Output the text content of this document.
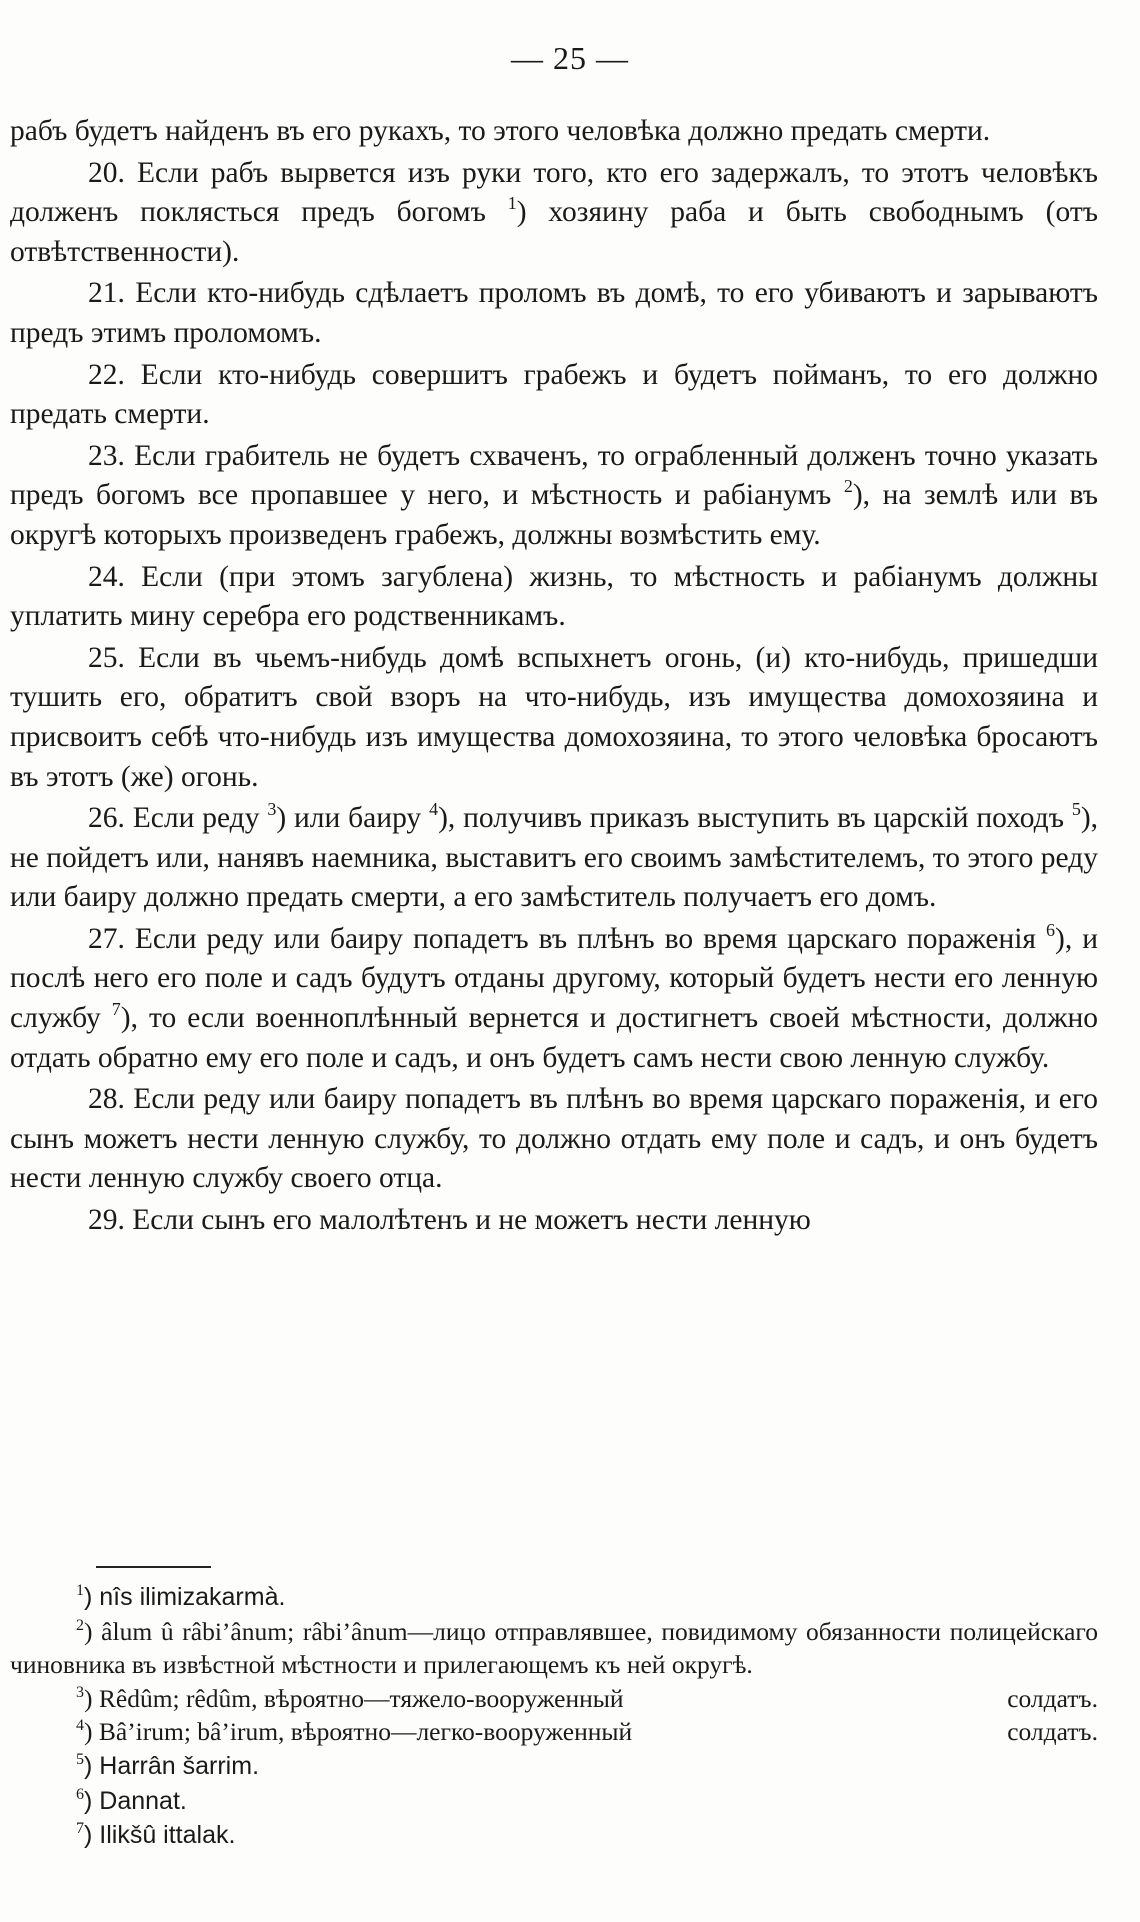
— 25 —

рабъ будетъ найденъ въ его рукахъ, то этого человѣка должно предать смерти.

20. Если рабъ вырвется изъ руки того, кто его задержалъ, то этотъ человѣкъ долженъ поклясться предъ богомъ $^1$) хозяину раба и быть свободнымъ (отъ отвѣтственности).

21. Если кто-нибудь сдѣлаетъ проломъ въ домѣ, то его убиваютъ и зарываютъ предъ этимъ проломомъ.

22. Если кто-нибудь совершитъ грабежъ и будетъ пойманъ, то его должно предать смерти.

23. Если грабитель не будетъ схваченъ, то ограбленный долженъ точно указать предъ богомъ все пропавшее у него, и мѣстность и рабіанумъ $^2$), на землѣ или въ округѣ которыхъ произведенъ грабежъ, должны возмѣстить ему.

24. Если (при этомъ загублена) жизнь, то мѣстность и рабіанумъ должны уплатить мину серебра его родственникамъ.

25. Если въ чьемъ-нибудь домѣ вспыхнетъ огонь, (и) кто-нибудь, пришедши тушить его, обратитъ свой взоръ на что-нибудь, изъ имущества домохозяина и присвоитъ себѣ что-нибудь изъ имущества домохозяина, то этого человѣка бросаютъ въ этотъ (же) огонь.

26. Если реду $^3$) или баиру $^4$), получивъ приказъ выступить въ царскій походъ $^5$), не пойдетъ или, нанявъ наемника, выставитъ его своимъ замѣстителемъ, то этого реду или баиру должно предать смерти, а его замѣститель получаетъ его домъ.

27. Если реду или баиру попадетъ въ плѣнъ во время царскаго пораженія $^6$), и послѣ него его поле и садъ будутъ отданы другому, который будетъ нести его ленную службу $^7$), то если военноплѣнный вернется и достигнетъ своей мѣстности, должно отдать обратно ему его поле и садъ, и онъ будетъ самъ нести свою ленную службу.

28. Если реду или баиру попадетъ въ плѣнъ во время царскаго пораженія, и его сынъ можетъ нести ленную службу, то должно отдать ему поле и садъ, и онъ будетъ нести ленную службу своего отца.

29. Если сынъ его малолѣтенъ и не можетъ нести ленную

$^1$) nîs ilimizakarmà.

$^2$) âlum û râbi’ânum; râbi’ânum—лицо отправлявшее, повидимому обязанности полицейскаго чиновника въ извѣстной мѣстности и прилегающемъ къ ней округѣ.

$^3$) Rêdûm; rêdûm, вѣроятно—тяжело-вооруженный	солдатъ.

$^4$) Bâ’irum; bâ’irum, вѣроятно—легко-вооруженный	солдатъ.

$^5$) Harrân šarrim.

$^6$) Dannat.

$^7$) Ilikšû ittalak.
